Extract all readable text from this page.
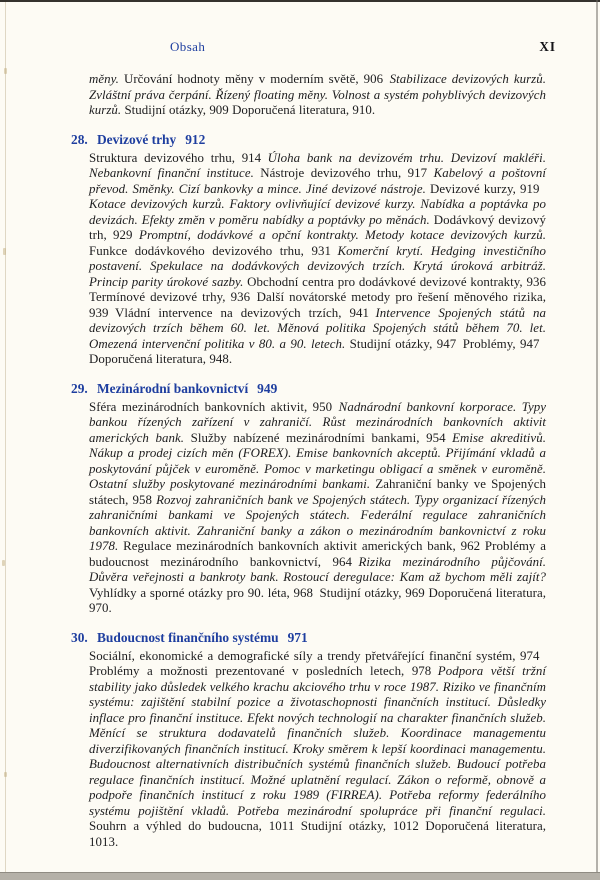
Obsah	XI

měny. Určování hodnoty měny v moderním světě, 906 Stabilizace devizových kurzů. Zvláštní práva čerpání. Řízený floating měny. Volnost a systém pohyblivých devizových kurzů. Studijní otázky, 909 Doporučená literatura, 910.

28. Devizové trhy 912

Struktura devizového trhu, 914 Úloha bank na devizovém trhu. Devizoví makléři. Nebankovní finanční instituce. Nástroje devizového trhu, 917 Kabelový a poštovní převod. Směnky. Cizí bankovky a mince. Jiné devizové nástroje. Devizové kurzy, 919 Kotace devizových kurzů. Faktory ovlivňující devizové kurzy. Nabídka a poptávka po devizách. Efekty změn v poměru nabídky a poptávky po měnách. Dodávkový devizový trh, 929 Promptní, dodávkové a opční kontrakty. Metody kotace devizových kurzů. Funkce dodávkového devizového trhu, 931 Komerční krytí. Hedging investičního postavení. Spekulace na dodávkových devizových trzích. Krytá úroková arbitráž. Princip parity úrokové sazby. Obchodní centra pro dodávkové devizové kontrakty, 936 Termínové devizové trhy, 936 Další novátorské metody pro řešení měnového rizika, 939 Vládní intervence na devizových trzích, 941 Intervence Spojených států na devizových trzích během 60. let. Měnová politika Spojených států během 70. let. Omezená intervenční politika v 80. a 90. letech. Studijní otázky, 947 Problémy, 947 Doporučená literatura, 948.

29. Mezinárodní bankovnictví 949

Sféra mezinárodních bankovních aktivit, 950 Nadnárodní bankovní korporace. Typy bankou řízených zařízení v zahraničí. Růst mezinárodních bankovních aktivit amerických bank. Služby nabízené mezinárodními bankami, 954 Emise akreditivů. Nákup a prodej cizích měn (FOREX). Emise bankovních akceptů. Přijímání vkladů a poskytování půjček v euroměně. Pomoc v marketingu obligací a směnek v euroměně. Ostatní služby poskytované mezinárodními bankami. Zahraniční banky ve Spojených státech, 958 Rozvoj zahraničních bank ve Spojených státech. Typy organizací řízených zahraničními bankami ve Spojených státech. Federální regulace zahraničních bankovních aktivit. Zahraniční banky a zákon o mezinárodním bankovnictví z roku 1978. Regulace mezinárodních bankovních aktivit amerických bank, 962 Problémy a budoucnost mezinárodního bankovnictví, 964 Rizika mezinárodního půjčování. Důvěra veřejnosti a bankroty bank. Rostoucí deregulace: Kam až bychom měli zajít? Vyhlídky a sporné otázky pro 90. léta, 968 Studijní otázky, 969 Doporučená literatura, 970.

30. Budoucnost finančního systému 971

Sociální, ekonomické a demografické síly a trendy přetvářející finanční systém, 974 Problémy a možnosti prezentované v posledních letech, 978 Podpora větší tržní stability jako důsledek velkého krachu akciového trhu v roce 1987. Riziko ve finančním systému: zajištění stabilní pozice a životaschopnosti finančních institucí. Důsledky inflace pro finanční instituce. Efekt nových technologií na charakter finančních služeb. Měnící se struktura dodavatelů finančních služeb. Koordinace managementu diverzifikovaných finančních institucí. Kroky směrem k lepší koordinaci managementu. Budoucnost alternativních distribučních systémů finančních služeb. Budoucí potřeba regulace finančních institucí. Možné uplatnění regulací. Zákon o reformě, obnově a podpoře finančních institucí z roku 1989 (FIRREA). Potřeba reformy federálního systému pojištění vkladů. Potřeba mezinárodní spolupráce při finanční regulaci. Souhrn a výhled do budoucna, 1011 Studijní otázky, 1012 Doporučená literatura, 1013.
